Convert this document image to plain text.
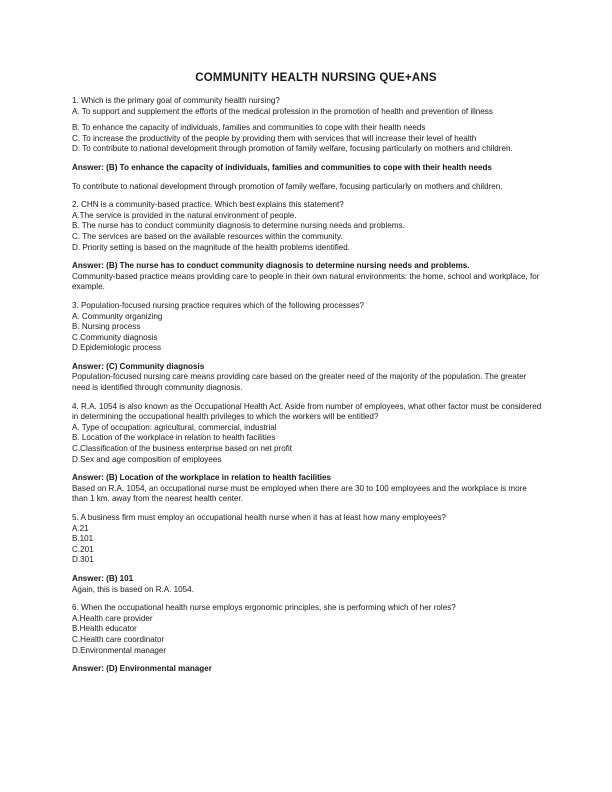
COMMUNITY HEALTH NURSING QUE+ANS

1. Which is the primary goal of community health nursing?

A. To support and supplement the efforts of the medical profession in the promotion of health and prevention of illness

B. To enhance the capacity of individuals, families and communities to cope with their health needs

C. To increase the productivity of the people by providing them with services that will increase their level of health

D. To contribute to national development through promotion of family welfare, focusing particularly on mothers and children.

Answer: (B) To enhance the capacity of individuals, families and communities to cope with their health needs

To contribute to national development through promotion of family welfare, focusing particularly on mothers and children.

2. CHN is a community-based practice. Which best explains this statement?

A.The service is provided in the natural environment of people.

B. The nurse has to conduct community diagnosis to determine nursing needs and problems.

C. The services are based on the available resources within the community.

D. Priority setting is based on the magnitude of the health problems identified.

Answer: (B) The nurse has to conduct community diagnosis to determine nursing needs and problems.

Community-based practice means providing care to people in their own natural environments: the home, school and workplace, for example.

3. Population-focused nursing practice requires which of the following processes?

A. Community organizing

B. Nursing process

C.Community diagnosis

D.Epidemiologic process

Answer: (C) Community diagnosis

Population-focused nursing care means providing care based on the greater need of the majority of the population. The greater need is identified through community diagnosis.

4. R.A. 1054 is also known as the Occupational Health Act. Aside from number of employees, what other factor must be considered in determining the occupational health privileges to which the workers will be entitled?

A. Type of occupation: agricultural, commercial, industrial

B. Location of the workplace in relation to health facilities

C.Classification of the business enterprise based on net profit

D.Sex and age composition of employees

Answer: (B) Location of the workplace in relation to health facilities

Based on R.A. 1054, an occupational nurse must be employed when there are 30 to 100 employees and the workplace is more than 1 km. away from the nearest health center.

5. A business firm must employ an occupational health nurse when it has at least how many employees?

A.21

B.101

C.201

D.301

Answer: (B) 101

Again, this is based on R.A. 1054.

6. When the occupational health nurse employs ergonomic principles, she is performing which of her roles?

A.Health care provider

B.Health educator

C.Health care coordinator

D.Environmental manager

Answer: (D) Environmental manager
